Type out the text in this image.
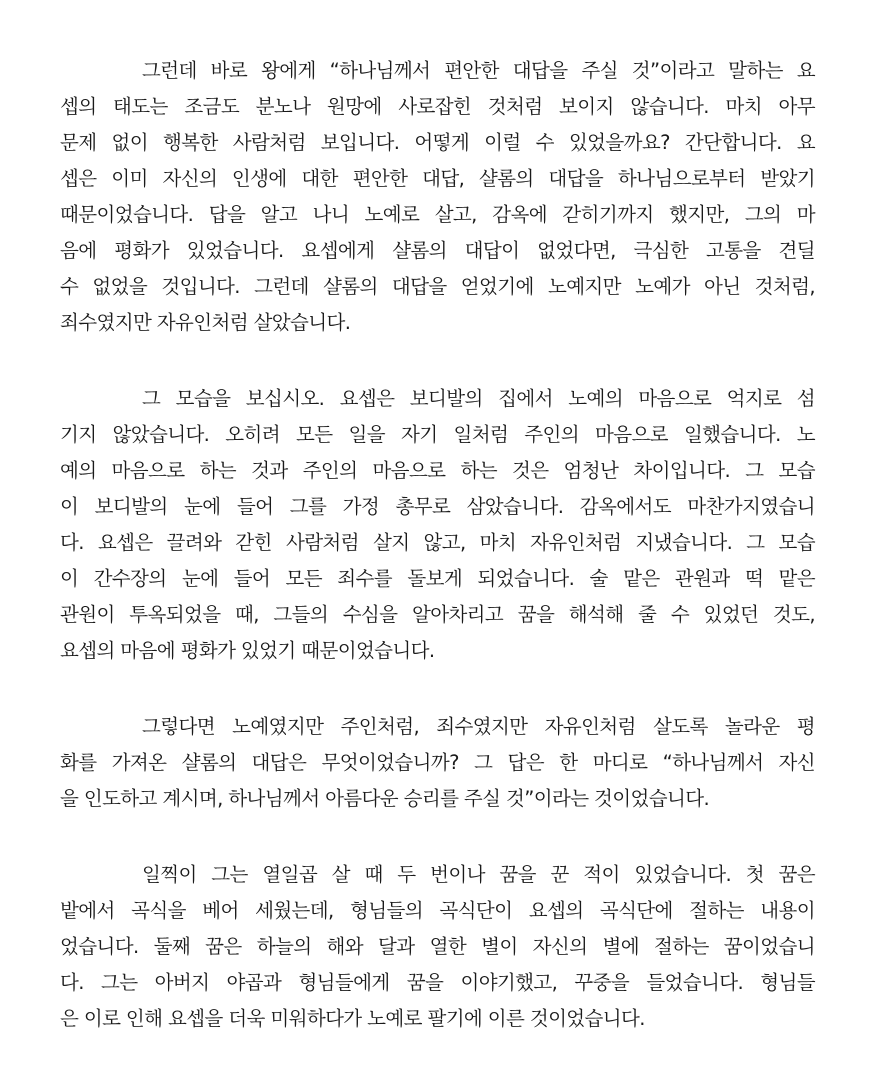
그런데 바로 왕에게 “하나님께서 편안한 대답을 주실 것”이라고 말하는 요
셉의 태도는 조금도 분노나 원망에 사로잡힌 것처럼 보이지 않습니다. 마치 아무
문제 없이 행복한 사람처럼 보입니다. 어떻게 이럴 수 있었을까요? 간단합니다. 요
셉은 이미 자신의 인생에 대한 편안한 대답, 샬롬의 대답을 하나님으로부터 받았기
때문이었습니다. 답을 알고 나니 노예로 살고, 감옥에 갇히기까지 했지만, 그의 마
음에 평화가 있었습니다. 요셉에게 샬롬의 대답이 없었다면, 극심한 고통을 견딜
수 없었을 것입니다. 그런데 샬롬의 대답을 얻었기에 노예지만 노예가 아닌 것처럼,
죄수였지만 자유인처럼 살았습니다.
그 모습을 보십시오. 요셉은 보디발의 집에서 노예의 마음으로 억지로 섬
기지 않았습니다. 오히려 모든 일을 자기 일처럼 주인의 마음으로 일했습니다. 노
예의 마음으로 하는 것과 주인의 마음으로 하는 것은 엄청난 차이입니다. 그 모습
이 보디발의 눈에 들어 그를 가정 총무로 삼았습니다. 감옥에서도 마찬가지였습니
다. 요셉은 끌려와 갇힌 사람처럼 살지 않고, 마치 자유인처럼 지냈습니다. 그 모습
이 간수장의 눈에 들어 모든 죄수를 돌보게 되었습니다. 술 맡은 관원과 떡 맡은
관원이 투옥되었을 때, 그들의 수심을 알아차리고 꿈을 해석해 줄 수 있었던 것도,
요셉의 마음에 평화가 있었기 때문이었습니다.
그렇다면 노예였지만 주인처럼, 죄수였지만 자유인처럼 살도록 놀라운 평
화를 가져온 샬롬의 대답은 무엇이었습니까? 그 답은 한 마디로 “하나님께서 자신
을 인도하고 계시며, 하나님께서 아름다운 승리를 주실 것”이라는 것이었습니다.
일찍이 그는 열일곱 살 때 두 번이나 꿈을 꾼 적이 있었습니다. 첫 꿈은
밭에서 곡식을 베어 세웠는데, 형님들의 곡식단이 요셉의 곡식단에 절하는 내용이
었습니다. 둘째 꿈은 하늘의 해와 달과 열한 별이 자신의 별에 절하는 꿈이었습니
다. 그는 아버지 야곱과 형님들에게 꿈을 이야기했고, 꾸중을 들었습니다. 형님들
은 이로 인해 요셉을 더욱 미워하다가 노예로 팔기에 이른 것이었습니다.
